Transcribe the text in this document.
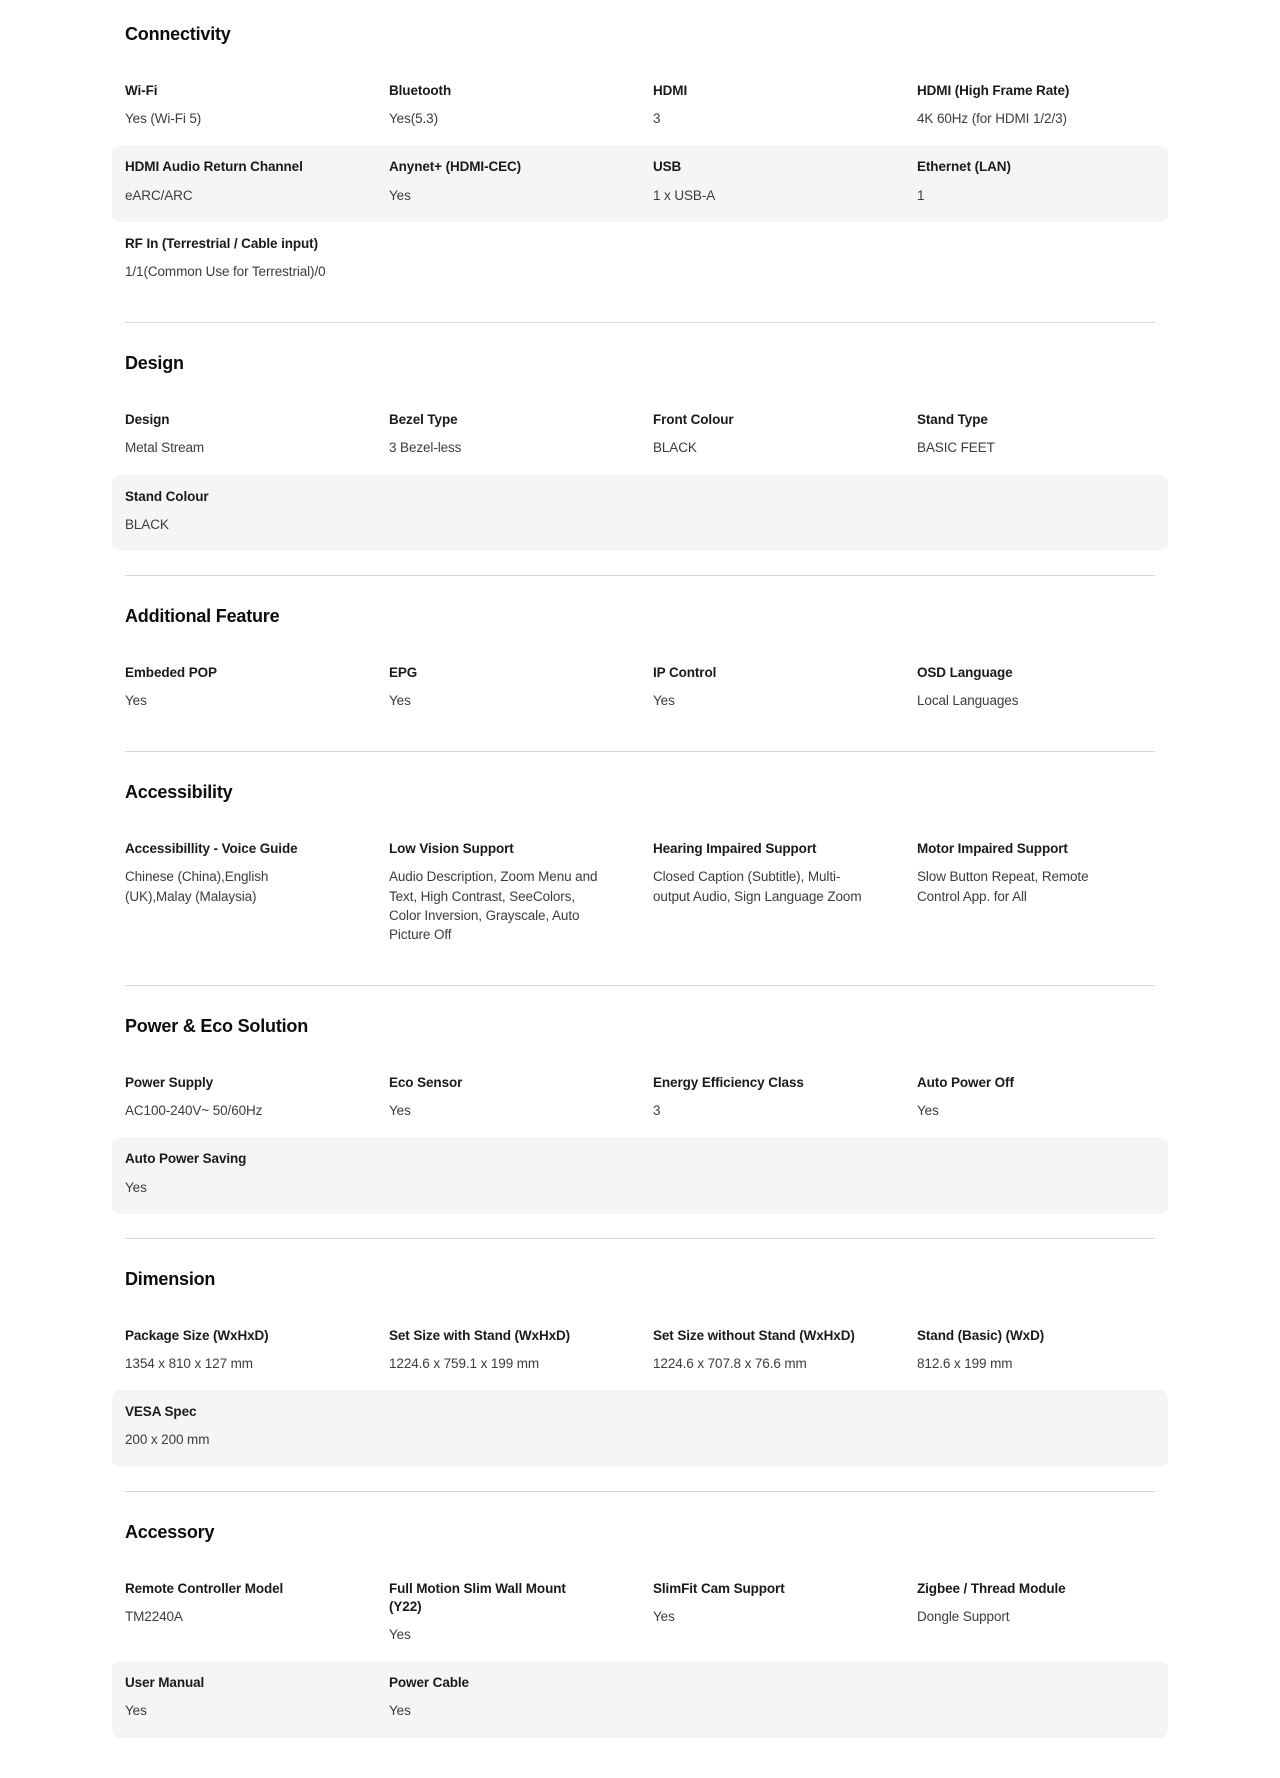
Connectivity
Wi-Fi
Yes (Wi-Fi 5)
Bluetooth
Yes(5.3)
HDMI
3
HDMI (High Frame Rate)
4K 60Hz (for HDMI 1/2/3)
HDMI Audio Return Channel
eARC/ARC
Anynet+ (HDMI-CEC)
Yes
USB
1 x USB-A
Ethernet (LAN)
1
RF In (Terrestrial / Cable input)
1/1(Common Use for Terrestrial)/0
Design
Design
Metal Stream
Bezel Type
3 Bezel-less
Front Colour
BLACK
Stand Type
BASIC FEET
Stand Colour
BLACK
Additional Feature
Embeded POP
Yes
EPG
Yes
IP Control
Yes
OSD Language
Local Languages
Accessibility
Accessibillity - Voice Guide
Chinese (China),English (UK),Malay (Malaysia)
Low Vision Support
Audio Description, Zoom Menu and Text, High Contrast, SeeColors, Color Inversion, Grayscale, Auto Picture Off
Hearing Impaired Support
Closed Caption (Subtitle), Multi-output Audio, Sign Language Zoom
Motor Impaired Support
Slow Button Repeat, Remote Control App. for All
Power & Eco Solution
Power Supply
AC100-240V~ 50/60Hz
Eco Sensor
Yes
Energy Efficiency Class
3
Auto Power Off
Yes
Auto Power Saving
Yes
Dimension
Package Size (WxHxD)
1354 x 810 x 127 mm
Set Size with Stand (WxHxD)
1224.6 x 759.1 x 199 mm
Set Size without Stand (WxHxD)
1224.6 x 707.8 x 76.6 mm
Stand (Basic) (WxD)
812.6 x 199 mm
VESA Spec
200 x 200 mm
Accessory
Remote Controller Model
TM2240A
Full Motion Slim Wall Mount (Y22)
Yes
SlimFit Cam Support
Yes
Zigbee / Thread Module
Dongle Support
User Manual
Yes
Power Cable
Yes
